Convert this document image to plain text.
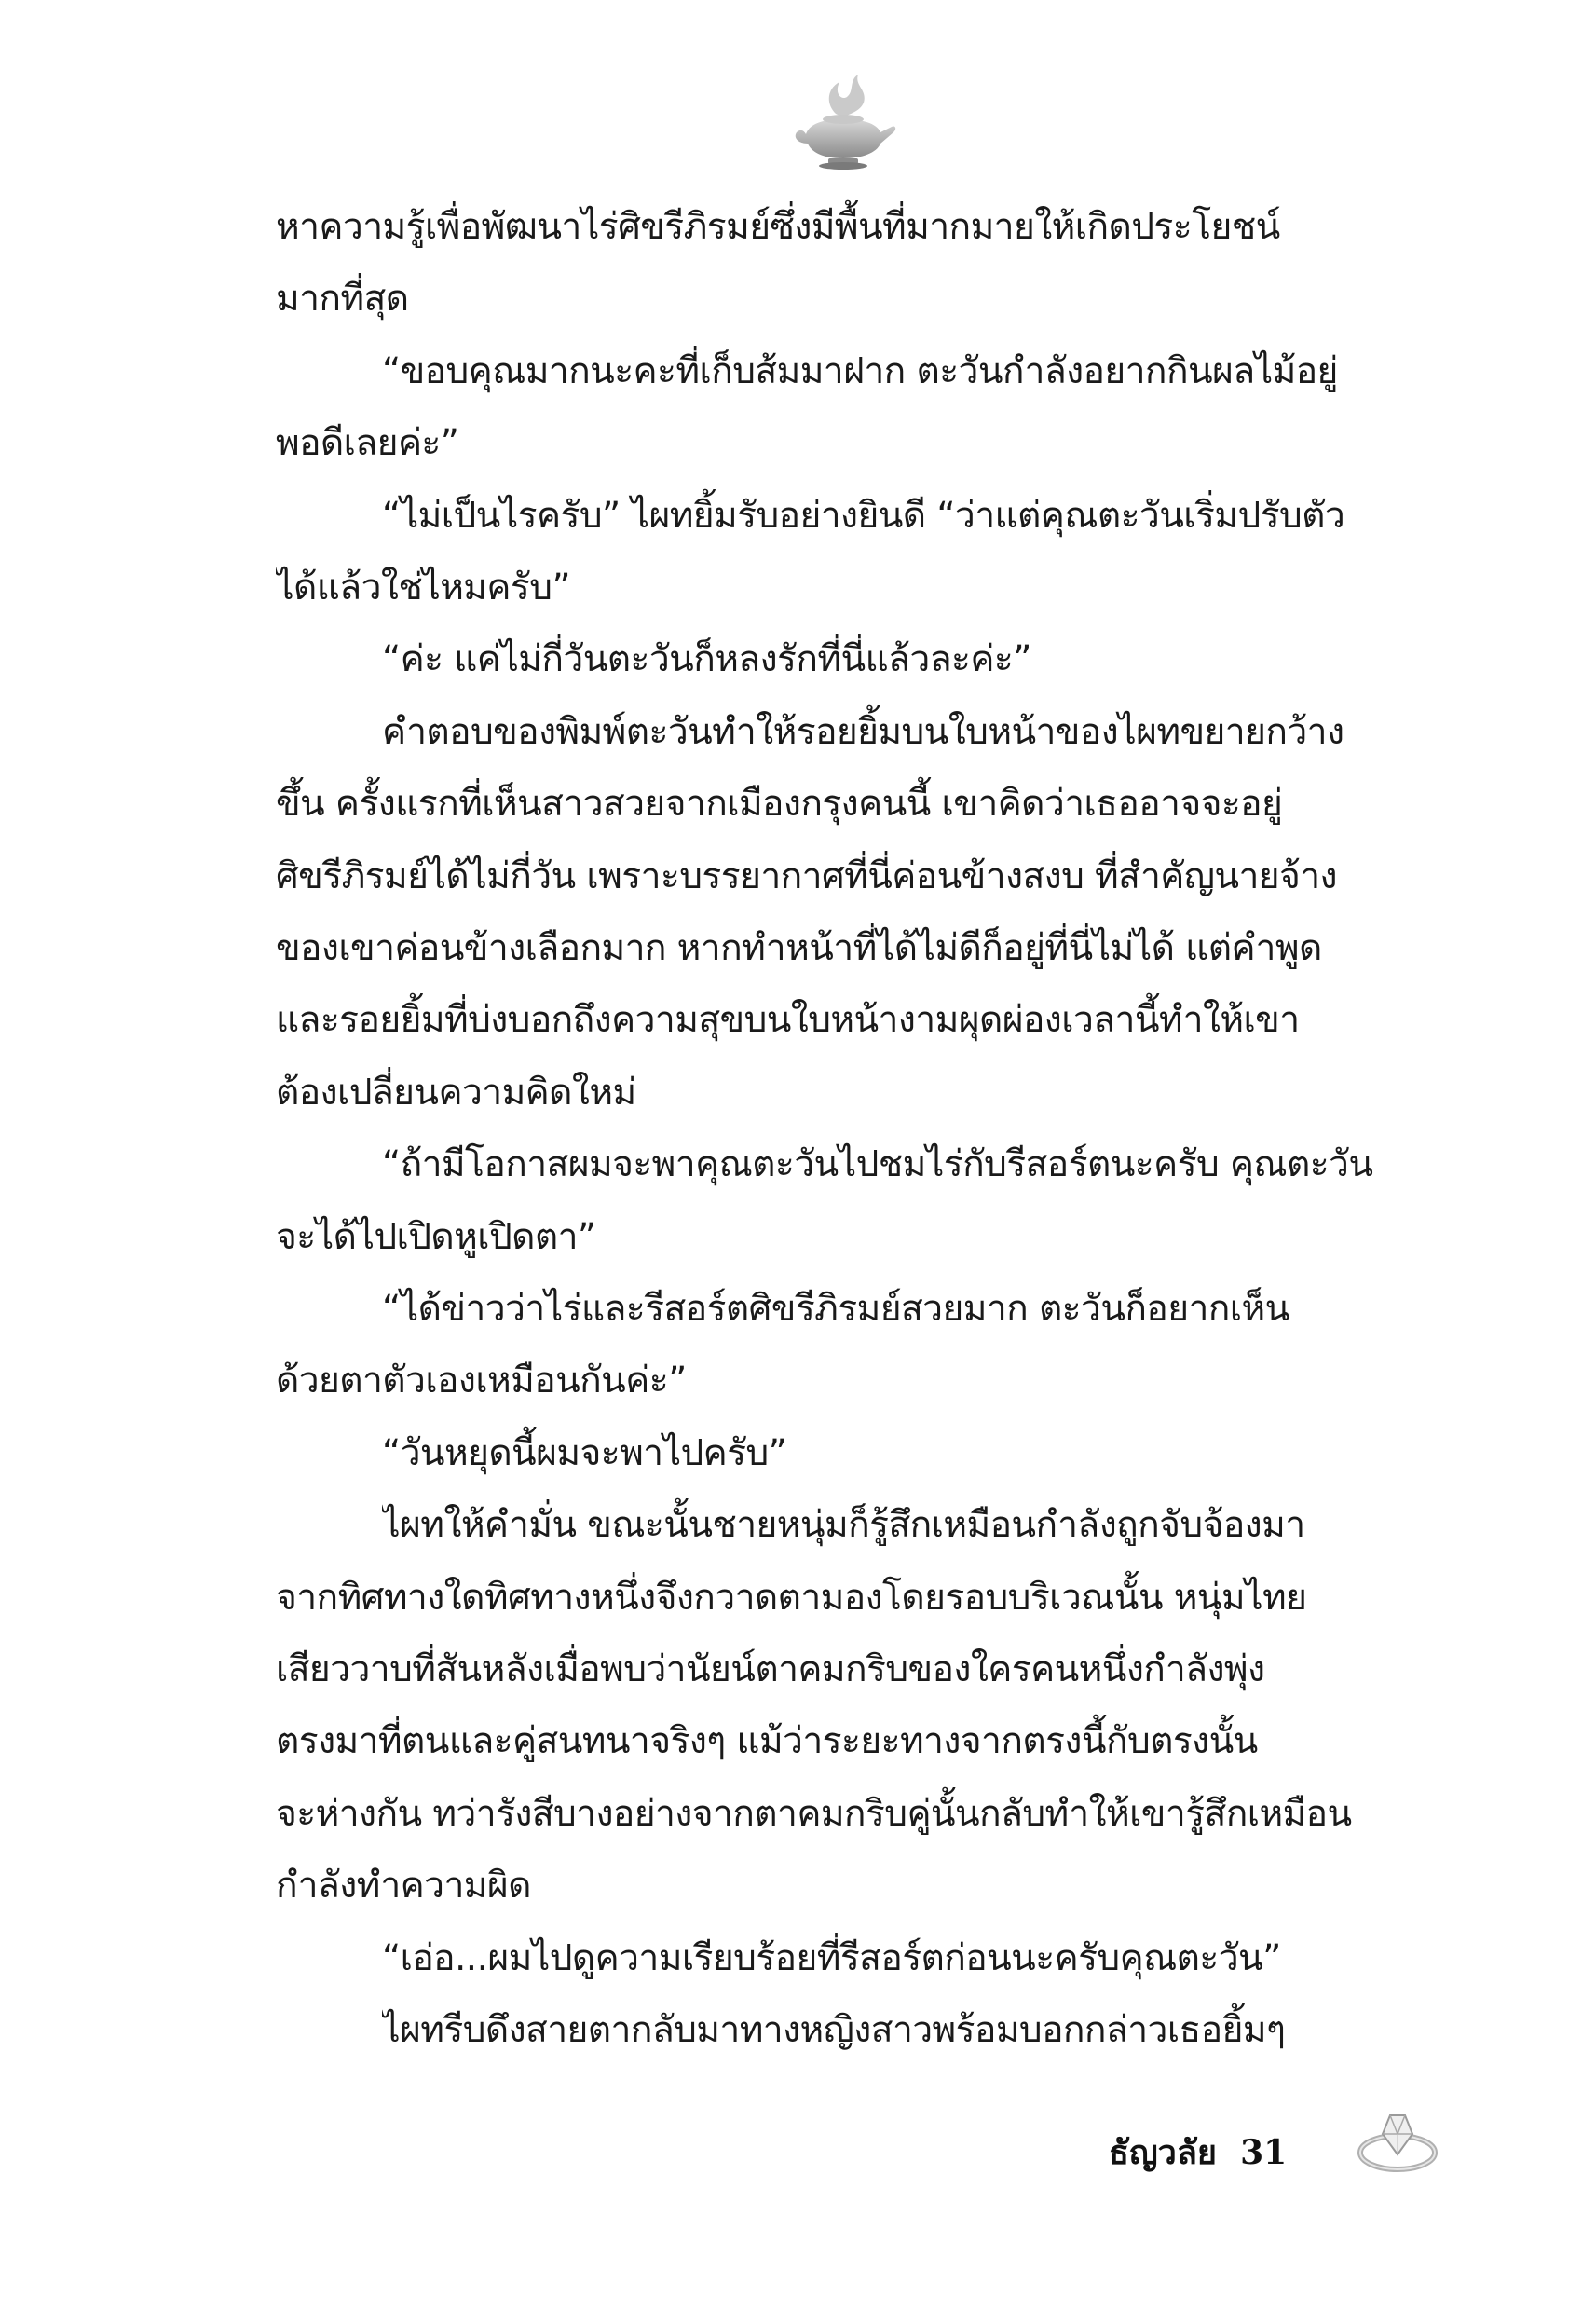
หาความรู้เพื่อพัฒนาไร่ศิขรีภิรมย์ซึ่งมีพื้นที่มากมายให้เกิดประโยชน์
มากที่สุด
“ขอบคุณมากนะคะที่เก็บส้มมาฝาก ตะวันกำลังอยากกินผลไม้อยู่
พอดีเลยค่ะ”
“ไม่เป็นไรครับ” ไผทยิ้มรับอย่างยินดี “ว่าแต่คุณตะวันเริ่มปรับตัว
ได้แล้วใช่ไหมครับ”
“ค่ะ แค่ไม่กี่วันตะวันก็หลงรักที่นี่แล้วละค่ะ”
คำตอบของพิมพ์ตะวันทำให้รอยยิ้มบนใบหน้าของไผทขยายกว้าง
ขึ้น ครั้งแรกที่เห็นสาวสวยจากเมืองกรุงคนนี้ เขาคิดว่าเธออาจจะอยู่
ศิขรีภิรมย์ได้ไม่กี่วัน เพราะบรรยากาศที่นี่ค่อนข้างสงบ ที่สำคัญนายจ้าง
ของเขาค่อนข้างเลือกมาก หากทำหน้าที่ได้ไม่ดีก็อยู่ที่นี่ไม่ได้ แต่คำพูด
และรอยยิ้มที่บ่งบอกถึงความสุขบนใบหน้างามผุดผ่องเวลานี้ทำให้เขา
ต้องเปลี่ยนความคิดใหม่
“ถ้ามีโอกาสผมจะพาคุณตะวันไปชมไร่กับรีสอร์ตนะครับ คุณตะวัน
จะได้ไปเปิดหูเปิดตา”
“ได้ข่าวว่าไร่และรีสอร์ตศิขรีภิรมย์สวยมาก ตะวันก็อยากเห็น
ด้วยตาตัวเองเหมือนกันค่ะ”
“วันหยุดนี้ผมจะพาไปครับ”
ไผทให้คำมั่น ขณะนั้นชายหนุ่มก็รู้สึกเหมือนกำลังถูกจับจ้องมา
จากทิศทางใดทิศทางหนึ่งจึงกวาดตามองโดยรอบบริเวณนั้น หนุ่มไทย
เสียววาบที่สันหลังเมื่อพบว่านัยน์ตาคมกริบของใครคนหนึ่งกำลังพุ่ง
ตรงมาที่ตนและคู่สนทนาจริงๆ แม้ว่าระยะทางจากตรงนี้กับตรงนั้น
จะห่างกัน ทว่ารังสีบางอย่างจากตาคมกริบคู่นั้นกลับทำให้เขารู้สึกเหมือน
กำลังทำความผิด
“เอ่อ...ผมไปดูความเรียบร้อยที่รีสอร์ตก่อนนะครับคุณตะวัน”
ไผทรีบดึงสายตากลับมาทางหญิงสาวพร้อมบอกกล่าวเธอยิ้มๆ
ธัญวลัย 31
